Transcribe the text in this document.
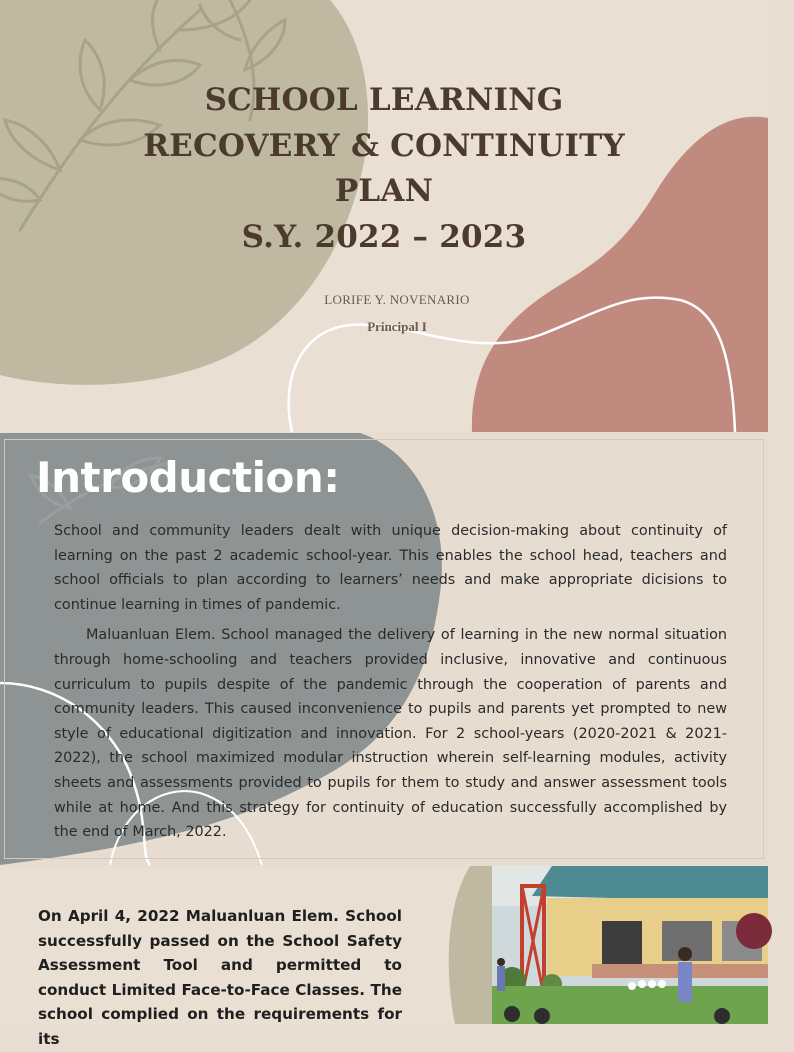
SCHOOL LEARNING
RECOVERY & CONTINUITY
PLAN
S.Y. 2022 – 2023
LORIFE Y. NOVENARIO
Principal I
Introduction:

School and community leaders dealt with unique decision-making about continuity of learning on the past 2 academic school-year. This enables the school head, teachers and school officials to plan according to learners’ needs and make appropriate dicisions to continue learning in times of pandemic.

Maluanluan Elem. School managed the delivery of learning in the new normal situation through home-schooling and teachers provided inclusive, innovative and continuous curriculum to pupils despite of the pandemic through the cooperation of parents and community leaders. This caused inconvenience to pupils and parents yet prompted to new style of educational digitization and innovation. For 2 school-years (2020-2021 & 2021-2022), the school maximized modular instruction wherein self-learning modules, activity sheets and assessments provided to pupils for them to study and answer assessment tools while at home. And this strategy for continuity of education successfully accomplished by the end of March, 2022.

On April 4, 2022 Maluanluan Elem. School successfully passed on the School Safety Assessment Tool and permitted to conduct Limited Face-to-Face Classes. The school complied on the requirements for its
